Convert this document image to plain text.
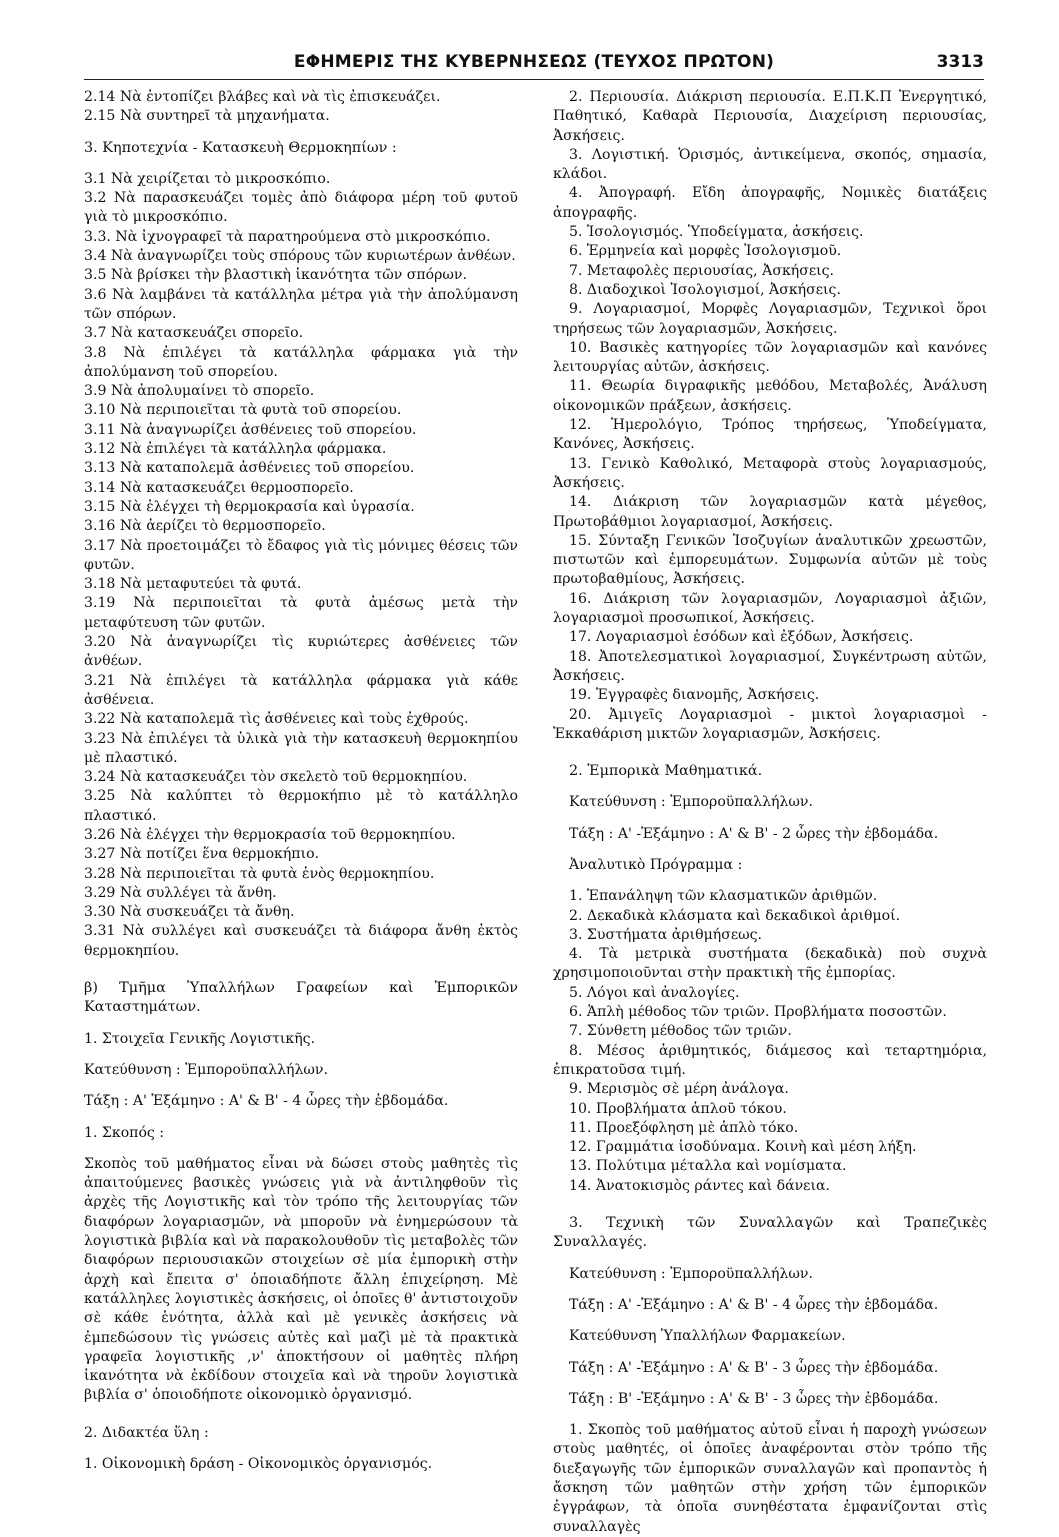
ΕΦΗΜΕΡΙΣ ΤΗΣ ΚΥΒΕΡΝΗΣΕΩΣ (ΤΕΥΧΟΣ ΠΡΩΤΟΝ)	3313
2.14 Νὰ ἐντοπίζει βλάβες καὶ νὰ τὶς ἐπισκευάζει.
2.15 Νὰ συντηρεῖ τὰ μηχανήματα.
3. Κηποτεχνία - Κατασκευὴ Θερμοκηπίων :
3.1 Νὰ χειρίζεται τὸ μικροσκόπιο.
3.2 Νὰ παρασκευάζει τομὲς ἀπὸ διάφορα μέρη τοῦ φυτοῦ γιὰ τὸ μικροσκόπιο.
3.3. Νὰ ἰχνογραφεῖ τὰ παρατηρούμενα στὸ μικροσκόπιο.
3.4 Νὰ ἀναγνωρίζει τοὺς σπόρους τῶν κυριωτέρων ἀνθέων.
3.5 Νὰ βρίσκει τὴν βλαστικὴ ἱκανότητα τῶν σπόρων.
3.6 Νὰ λαμβάνει τὰ κατάλληλα μέτρα γιὰ τὴν ἀπολύμανση τῶν σπόρων.
3.7 Νὰ κατασκευάζει σπορεῖο.
3.8 Νὰ ἐπιλέγει τὰ κατάλληλα φάρμακα γιὰ τὴν ἀπολύμανση τοῦ σπορείου.
3.9 Νὰ ἀπολυμαίνει τὸ σπορεῖο.
3.10 Νὰ περιποιεῖται τὰ φυτὰ τοῦ σπορείου.
3.11 Νὰ ἀναγνωρίζει ἀσθένειες τοῦ σπορείου.
3.12 Νὰ ἐπιλέγει τὰ κατάλληλα φάρμακα.
3.13 Νὰ καταπολεμᾶ ἀσθένειες τοῦ σπορείου.
3.14 Νὰ κατασκευάζει θερμοσπορεῖο.
3.15 Νὰ ἐλέγχει τὴ θερμοκρασία καὶ ὑγρασία.
3.16 Νὰ ἀερίζει τὸ θερμοσπορεῖο.
3.17 Νὰ προετοιμάζει τὸ ἔδαφος γιὰ τὶς μόνιμες θέσεις τῶν φυτῶν.
3.18 Νὰ μεταφυτεύει τὰ φυτά.
3.19 Νὰ περιποιεῖται τὰ φυτὰ ἀμέσως μετὰ τὴν μεταφύτευση τῶν φυτῶν.
3.20 Νὰ ἀναγνωρίζει τὶς κυριώτερες ἀσθένειες τῶν ἀνθέων.
3.21 Νὰ ἐπιλέγει τὰ κατάλληλα φάρμακα γιὰ κάθε ἀσθένεια.
3.22 Νὰ καταπολεμᾶ τὶς ἀσθένειες καὶ τοὺς ἐχθρούς.
3.23 Νὰ ἐπιλέγει τὰ ὑλικὰ γιὰ τὴν κατασκευὴ θερμοκηπίου μὲ πλαστικό.
3.24 Νὰ κατασκευάζει τὸν σκελετὸ τοῦ θερμοκηπίου.
3.25 Νὰ καλύπτει τὸ θερμοκήπιο μὲ τὸ κατάλληλο πλαστικό.
3.26 Νὰ ἐλέγχει τὴν θερμοκρασία τοῦ θερμοκηπίου.
3.27 Νὰ ποτίζει ἕνα θερμοκήπιο.
3.28 Νὰ περιποιεῖται τὰ φυτὰ ἑνὸς θερμοκηπίου.
3.29 Νὰ συλλέγει τὰ ἄνθη.
3.30 Νὰ συσκευάζει τὰ ἄνθη.
3.31 Νὰ συλλέγει καὶ συσκευάζει τὰ διάφορα ἄνθη ἐκτὸς θερμοκηπίου.
β) Τμῆμα Ὑπαλλήλων Γραφείων καὶ Ἐμπορικῶν Καταστημάτων.
1. Στοιχεῖα Γενικῆς Λογιστικῆς.
Κατεύθυνση : Ἐμποροϋπαλλήλων.
Τάξη : Α' Ἑξάμηνο : Α' & Β' - 4 ὧρες τὴν ἑβδομάδα.
1. Σκοπός :
Σκοπὸς τοῦ μαθήματος εἶναι νὰ δώσει στοὺς μαθητὲς τὶς ἀπαιτούμενες βασικὲς γνώσεις γιὰ νὰ ἀντιληφθοῦν τὶς ἀρχὲς τῆς Λογιστικῆς καὶ τὸν τρόπο τῆς λειτουργίας τῶν διαφόρων λογαριασμῶν, νὰ μποροῦν νὰ ἐνημερώσουν τὰ λογιστικὰ βιβλία καὶ νὰ παρακολουθοῦν τὶς μεταβολὲς τῶν διαφόρων περιουσιακῶν στοιχείων σὲ μία ἐμπορικὴ στὴν ἀρχὴ καὶ ἔπειτα σ' ὁποιαδήποτε ἄλλη ἐπιχείρηση. Μὲ κατάλληλες λογιστικὲς ἀσκήσεις, οἱ ὁποῖες θ' ἀντιστοιχοῦν σὲ κάθε ἑνότητα, ἀλλὰ καὶ μὲ γενικὲς ἀσκήσεις νὰ ἐμπεδώσουν τὶς γνώσεις αὐτὲς καὶ μαζὶ μὲ τὰ πρακτικὰ γραφεῖα λογιστικῆς ,ν' ἀποκτήσουν οἱ μαθητὲς πλήρη ἱκανότητα νὰ ἐκδίδουν στοιχεῖα καὶ νὰ τηροῦν λογιστικὰ βιβλία σ' ὁποιοδήποτε οἰκονομικὸ ὀργανισμό.
2. Διδακτέα ὕλη :
1. Οἰκονομικὴ δράση - Οἰκονομικὸς ὀργανισμός.
2. Περιουσία. Διάκριση περιουσία. Ε.Π.Κ.Π Ἐνεργητικό, Παθητικό, Καθαρὰ Περιουσία, Διαχείριση περιουσίας, Ἀσκήσεις.
3. Λογιστική. Ὁρισμός, ἀντικείμενα, σκοπός, σημασία, κλάδοι.
4. Ἀπογραφή. Εἴδη ἀπογραφῆς, Νομικὲς διατάξεις ἀπογραφῆς.
5. Ἰσολογισμός. Ὑποδείγματα, ἀσκήσεις.
6. Ἑρμηνεία καὶ μορφὲς Ἰσολογισμοῦ.
7. Μεταφολὲς περιουσίας, Ἀσκήσεις.
8. Διαδοχικοὶ Ἰσολογισμοί, Ἀσκήσεις.
9. Λογαριασμοί, Μορφὲς Λογαριασμῶν, Τεχνικοὶ ὅροι τηρήσεως τῶν λογαριασμῶν, Ἀσκήσεις.
10. Βασικὲς κατηγορίες τῶν λογαριασμῶν καὶ κανόνες λειτουργίας αὐτῶν, ἀσκήσεις.
11. Θεωρία διγραφικῆς μεθόδου, Μεταβολές, Ἀνάλυση οἰκονομικῶν πράξεων, ἀσκήσεις.
12. Ἡμερολόγιο, Τρόπος τηρήσεως, Ὑποδείγματα, Κανόνες, Ἀσκήσεις.
13. Γενικὸ Καθολικό, Μεταφορὰ στοὺς λογαριασμούς, Ἀσκήσεις.
14. Διάκριση τῶν λογαριασμῶν κατὰ μέγεθος, Πρωτοβάθμιοι λογαριασμοί, Ἀσκήσεις.
15. Σύνταξη Γενικῶν Ἰσοζυγίων ἀναλυτικῶν χρεωστῶν, πιστωτῶν καὶ ἐμπορευμάτων. Συμφωνία αὐτῶν μὲ τοὺς πρωτοβαθμίους, Ἀσκήσεις.
16. Διάκριση τῶν λογαριασμῶν, Λογαριασμοὶ ἀξιῶν, λογαριασμοὶ προσωπικοί, Ἀσκήσεις.
17. Λογαριασμοὶ ἐσόδων καὶ ἐξόδων, Ἀσκήσεις.
18. Ἀποτελεσματικοὶ λογαριασμοί, Συγκέντρωση αὐτῶν, Ἀσκήσεις.
19. Ἐγγραφὲς διανομῆς, Ἀσκήσεις.
20. Ἀμιγεῖς Λογαριασμοὶ - μικτοὶ λογαριασμοὶ - Ἐκκαθάριση μικτῶν λογαριασμῶν, Ἀσκήσεις.
2. Ἐμπορικὰ Μαθηματικά.
Κατεύθυνση : Ἐμποροϋπαλλήλων.
Τάξη : Α' -Ἑξάμηνο : Α' & Β' - 2 ὧρες τὴν ἑβδομάδα.
Ἀναλυτικὸ Πρόγραμμα :
1. Ἐπανάληψη τῶν κλασματικῶν ἀριθμῶν.
2. Δεκαδικὰ κλάσματα καὶ δεκαδικοὶ ἀριθμοί.
3. Συστήματα ἀριθμήσεως.
4. Τὰ μετρικὰ συστήματα (δεκαδικὰ) ποὺ συχνὰ χρησιμοποιοῦνται στὴν πρακτικὴ τῆς ἐμπορίας.
5. Λόγοι καὶ ἀναλογίες.
6. Ἁπλὴ μέθοδος τῶν τριῶν. Προβλήματα ποσοστῶν.
7. Σύνθετη μέθοδος τῶν τριῶν.
8. Μέσος ἀριθμητικός, διάμεσος καὶ τεταρτημόρια, ἐπικρατοῦσα τιμή.
9. Μερισμὸς σὲ μέρη ἀνάλογα.
10. Προβλήματα ἁπλοῦ τόκου.
11. Προεξόφληση μὲ ἁπλὸ τόκο.
12. Γραμμάτια ἰσοδύναμα. Κοινὴ καὶ μέση λήξη.
13. Πολύτιμα μέταλλα καὶ νομίσματα.
14. Ἀνατοκισμὸς ράντες καὶ δάνεια.
3. Τεχνικὴ τῶν Συναλλαγῶν καὶ Τραπεζικὲς Συναλλαγές.
Κατεύθυνση : Ἐμποροϋπαλλήλων.
Τάξη : Α' -Ἑξάμηνο : Α' & Β' - 4 ὧρες τὴν ἑβδομάδα.
Κατεύθυνση Ὑπαλλήλων Φαρμακείων.
Τάξη : Α' -Ἑξάμηνο : Α' & Β' - 3 ὧρες τὴν ἑβδομάδα.
Τάξη : Β' -Ἑξάμηνο : Α' & Β' - 3 ὧρες τὴν ἑβδομάδα.
1. Σκοπὸς τοῦ μαθήματος αὐτοῦ εἶναι ἡ παροχὴ γνώσεων στοὺς μαθητές, οἱ ὁποῖες ἀναφέρονται στὸν τρόπο τῆς διεξαγωγῆς τῶν ἐμπορικῶν συναλλαγῶν καὶ προπαντὸς ἡ ἄσκηση τῶν μαθητῶν στὴν χρήση τῶν ἐμπορικῶν ἐγγράφων, τὰ ὁποῖα συνηθέστατα ἐμφανίζονται στὶς συναλλαγὲς
